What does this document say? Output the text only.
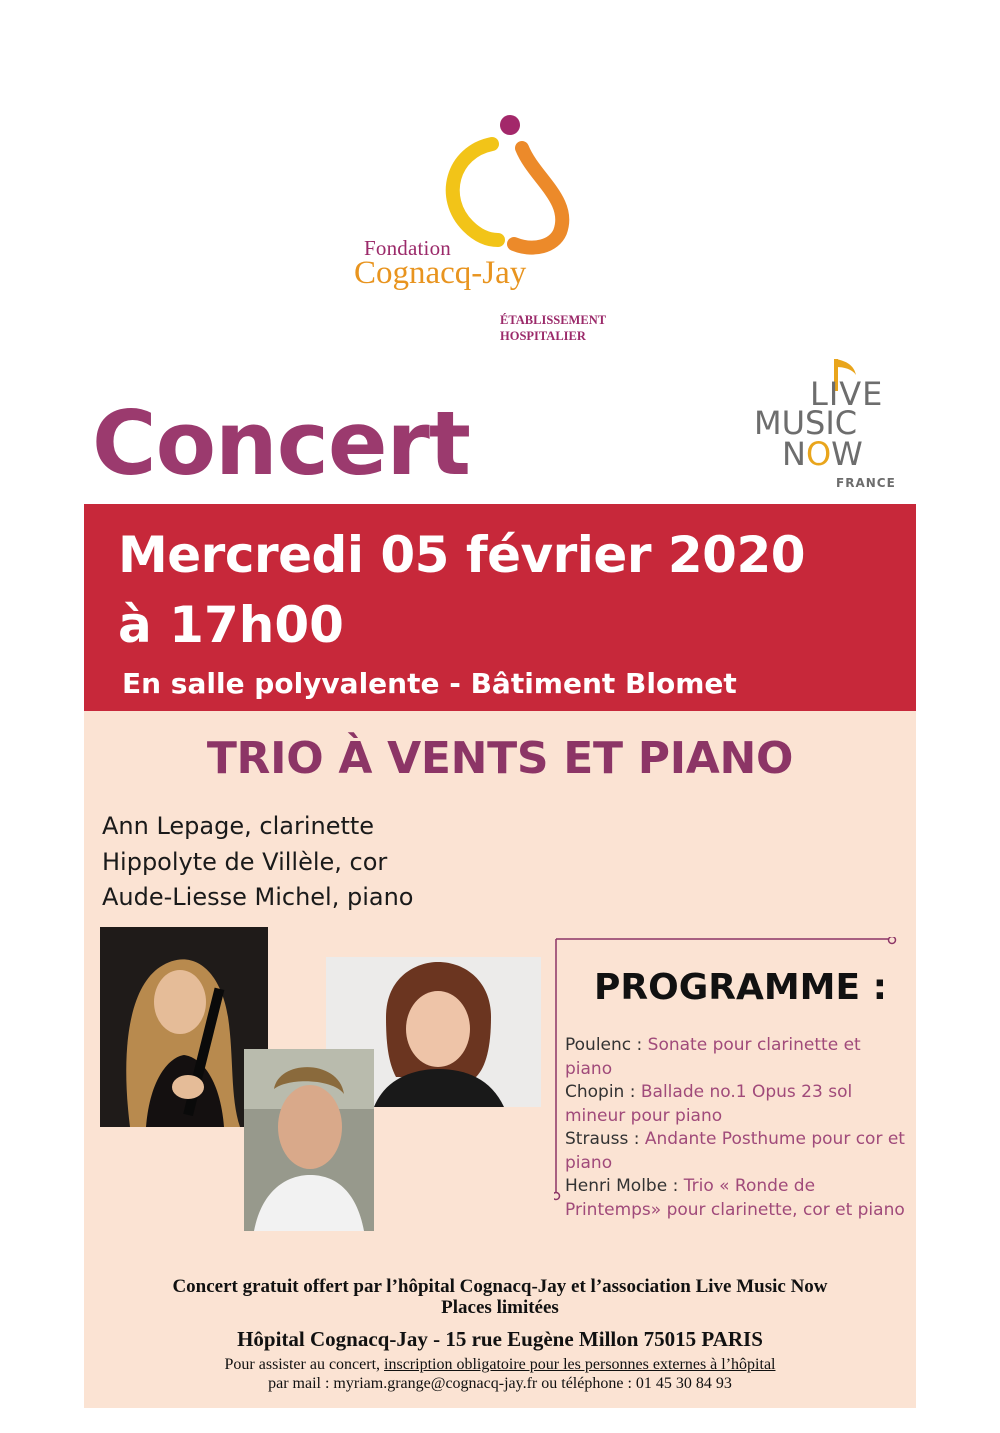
Fondation
Cognacq-Jay
ÉTABLISSEMENT
HOSPITALIER
LIVE
MUSIC
NOW
FRANCE
Concert
Mercredi 05 février 2020
à 17h00
En salle polyvalente - Bâtiment Blomet
TRIO À VENTS ET PIANO
Ann Lepage, clarinette
Hippolyte de Villèle, cor
Aude-Liesse Michel, piano
PROGRAMME :
Poulenc : Sonate pour clarinette et piano
Chopin : Ballade no.1 Opus 23 sol mineur pour piano
Strauss : Andante Posthume pour cor et piano
Henri Molbe : Trio « Ronde de Printemps» pour clarinette, cor et piano
Concert gratuit offert par l’hôpital Cognacq-Jay et l’association Live Music Now
Places limitées
Hôpital Cognacq-Jay - 15 rue Eugène Millon 75015 PARIS
Pour assister au concert, inscription obligatoire pour les personnes externes à l’hôpital
par mail : myriam.grange@cognacq-jay.fr ou téléphone : 01 45 30 84 93
